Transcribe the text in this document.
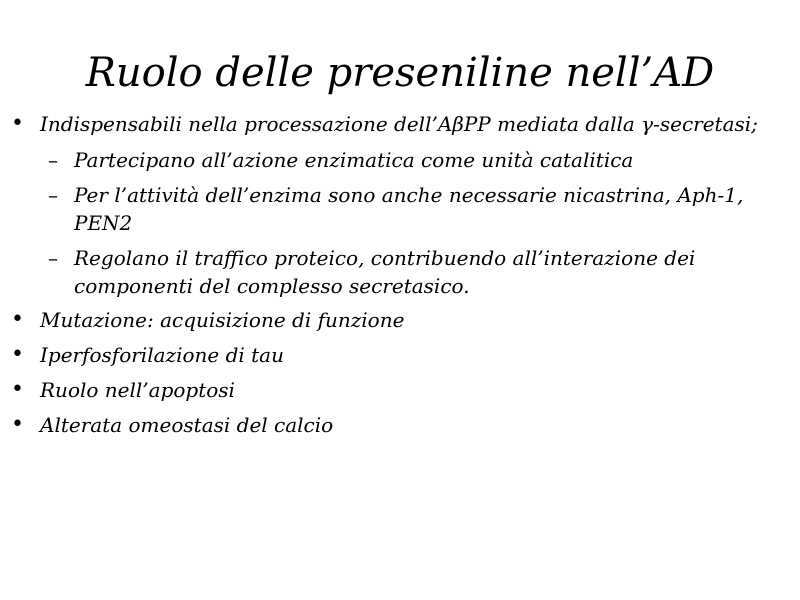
Ruolo delle preseniline nell’AD
• Indispensabili nella processazione dell’AβPP mediata dalla γ-secretasi;
– Partecipano all’azione enzimatica come unità catalitica
– Per l’attività dell’enzima sono anche necessarie nicastrina, Aph-1,
PEN2
– Regolano il traffico proteico, contribuendo all’interazione dei
componenti del complesso secretasico.
• Mutazione: acquisizione di funzione
• Iperfosforilazione di tau
• Ruolo nell’apoptosi
• Alterata omeostasi del calcio
